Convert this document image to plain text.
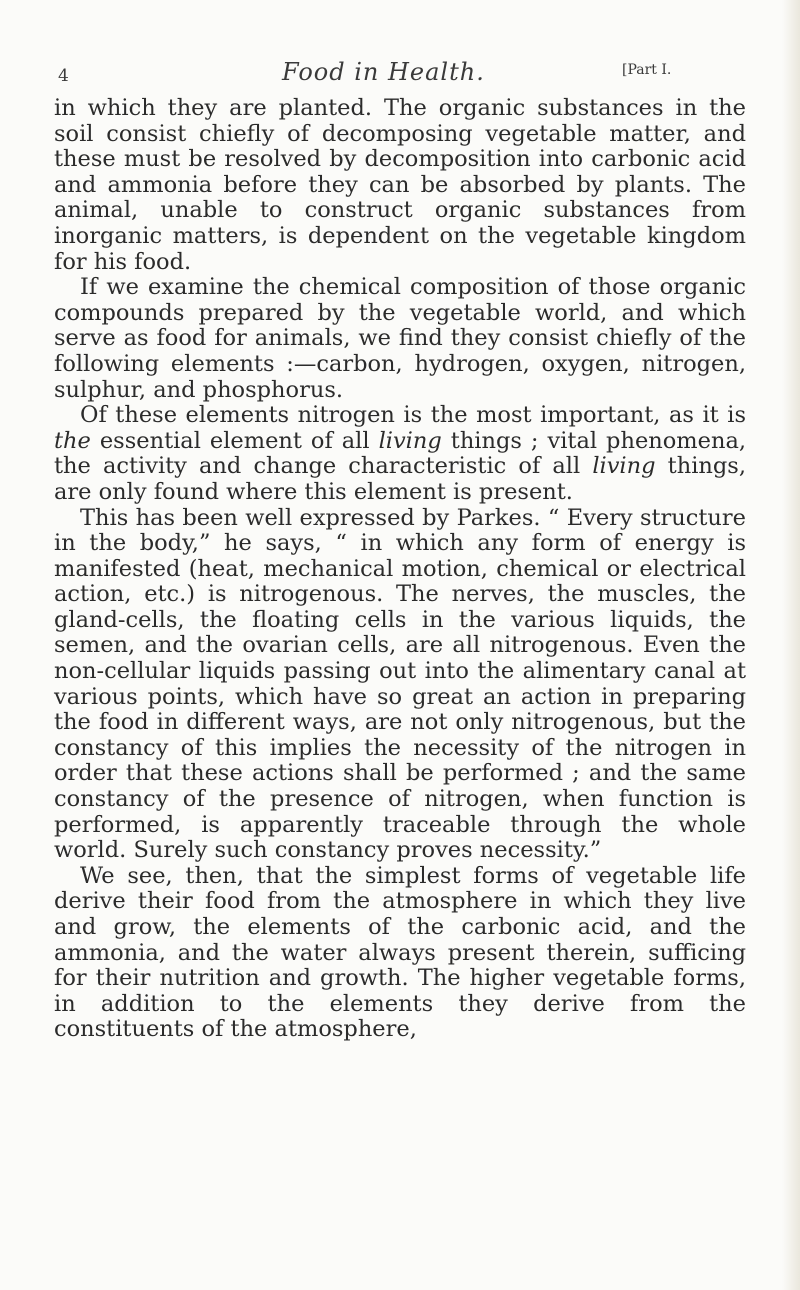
4	Food in Health.	[Part I.

in which they are planted. The organic substances in the soil consist chiefly of decomposing vegetable matter, and these must be resolved by decomposition into carbonic acid and ammonia before they can be absorbed by plants. The animal, unable to construct organic substances from inorganic matters, is dependent on the vegetable kingdom for his food.

If we examine the chemical composition of those organic compounds prepared by the vegetable world, and which serve as food for animals, we find they consist chiefly of the following elements :—carbon, hydrogen, oxygen, nitrogen, sulphur, and phosphorus.

Of these elements nitrogen is the most important, as it is the essential element of all living things ; vital phenomena, the activity and change characteristic of all living things, are only found where this element is present.

This has been well expressed by Parkes. “ Every structure in the body,” he says, “ in which any form of energy is manifested (heat, mechanical motion, chemical or electrical action, etc.) is nitrogenous. The nerves, the muscles, the gland-cells, the floating cells in the various liquids, the semen, and the ovarian cells, are all nitrogenous. Even the non-cellular liquids passing out into the alimentary canal at various points, which have so great an action in preparing the food in different ways, are not only nitrogenous, but the constancy of this implies the necessity of the nitrogen in order that these actions shall be performed ; and the same constancy of the presence of nitrogen, when function is performed, is apparently traceable through the whole world. Surely such constancy proves necessity.”

We see, then, that the simplest forms of vegetable life derive their food from the atmosphere in which they live and grow, the elements of the carbonic acid, and the ammonia, and the water always present therein, sufficing for their nutrition and growth. The higher vegetable forms, in addition to the elements they derive from the constituents of the atmosphere,
